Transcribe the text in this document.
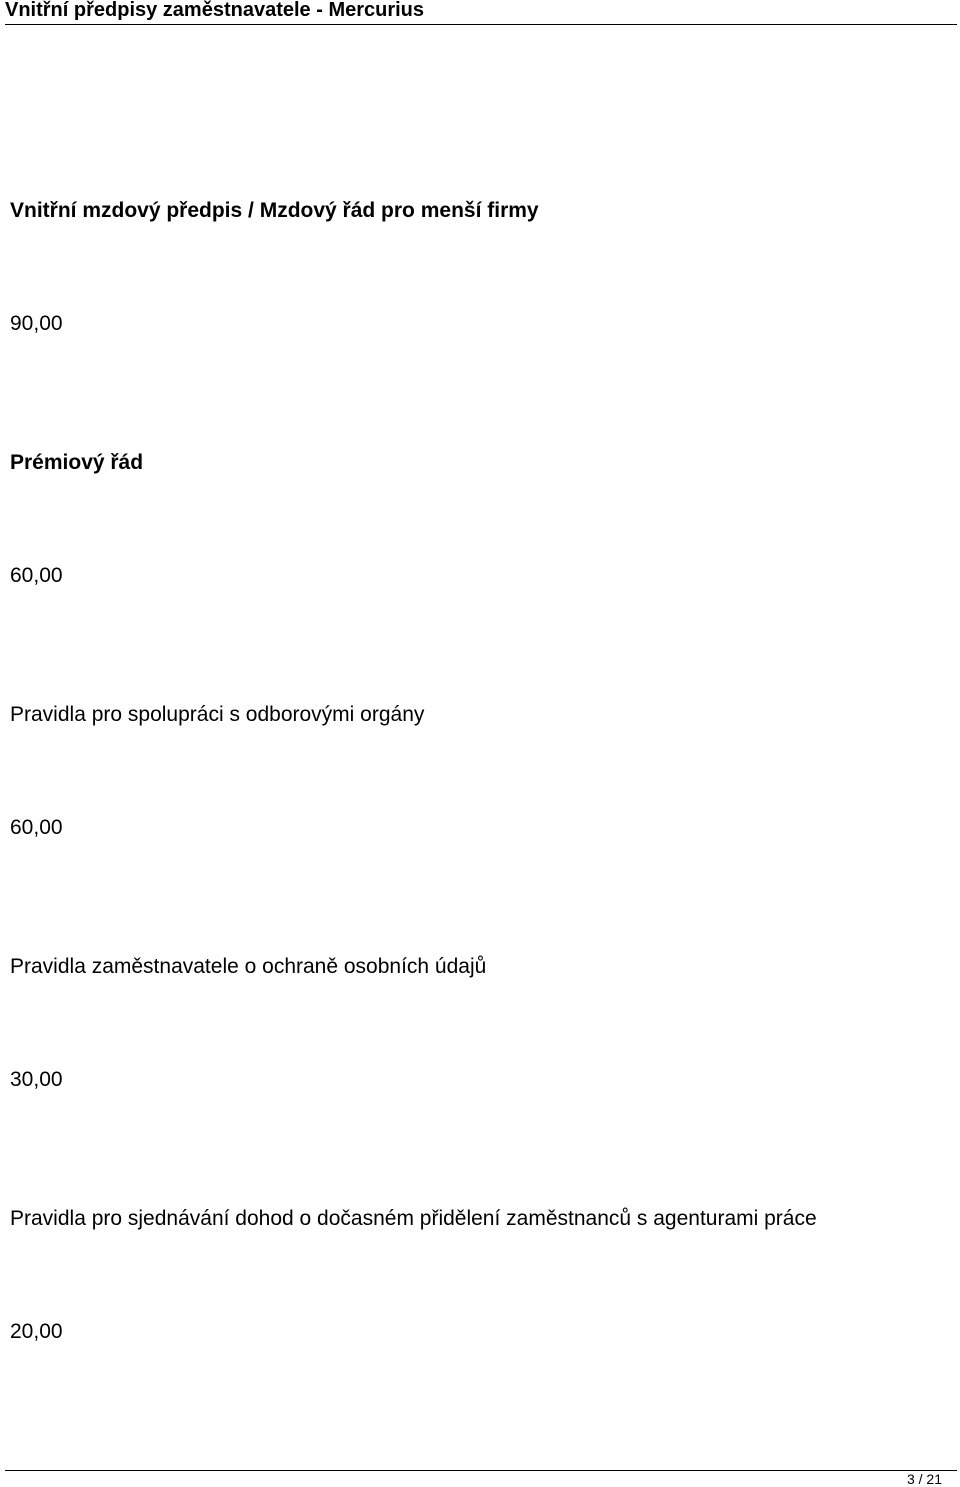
Vnitřní předpisy zaměstnavatele - Mercurius
Vnitřní mzdový předpis / Mzdový řád pro menší firmy
90,00
Prémiový řád
60,00
Pravidla pro spolupráci s odborovými orgány
60,00
Pravidla zaměstnavatele o ochraně osobních údajů
30,00
Pravidla pro sjednávání dohod o dočasném přidělení zaměstnanců s agenturami práce
20,00
3 / 21
